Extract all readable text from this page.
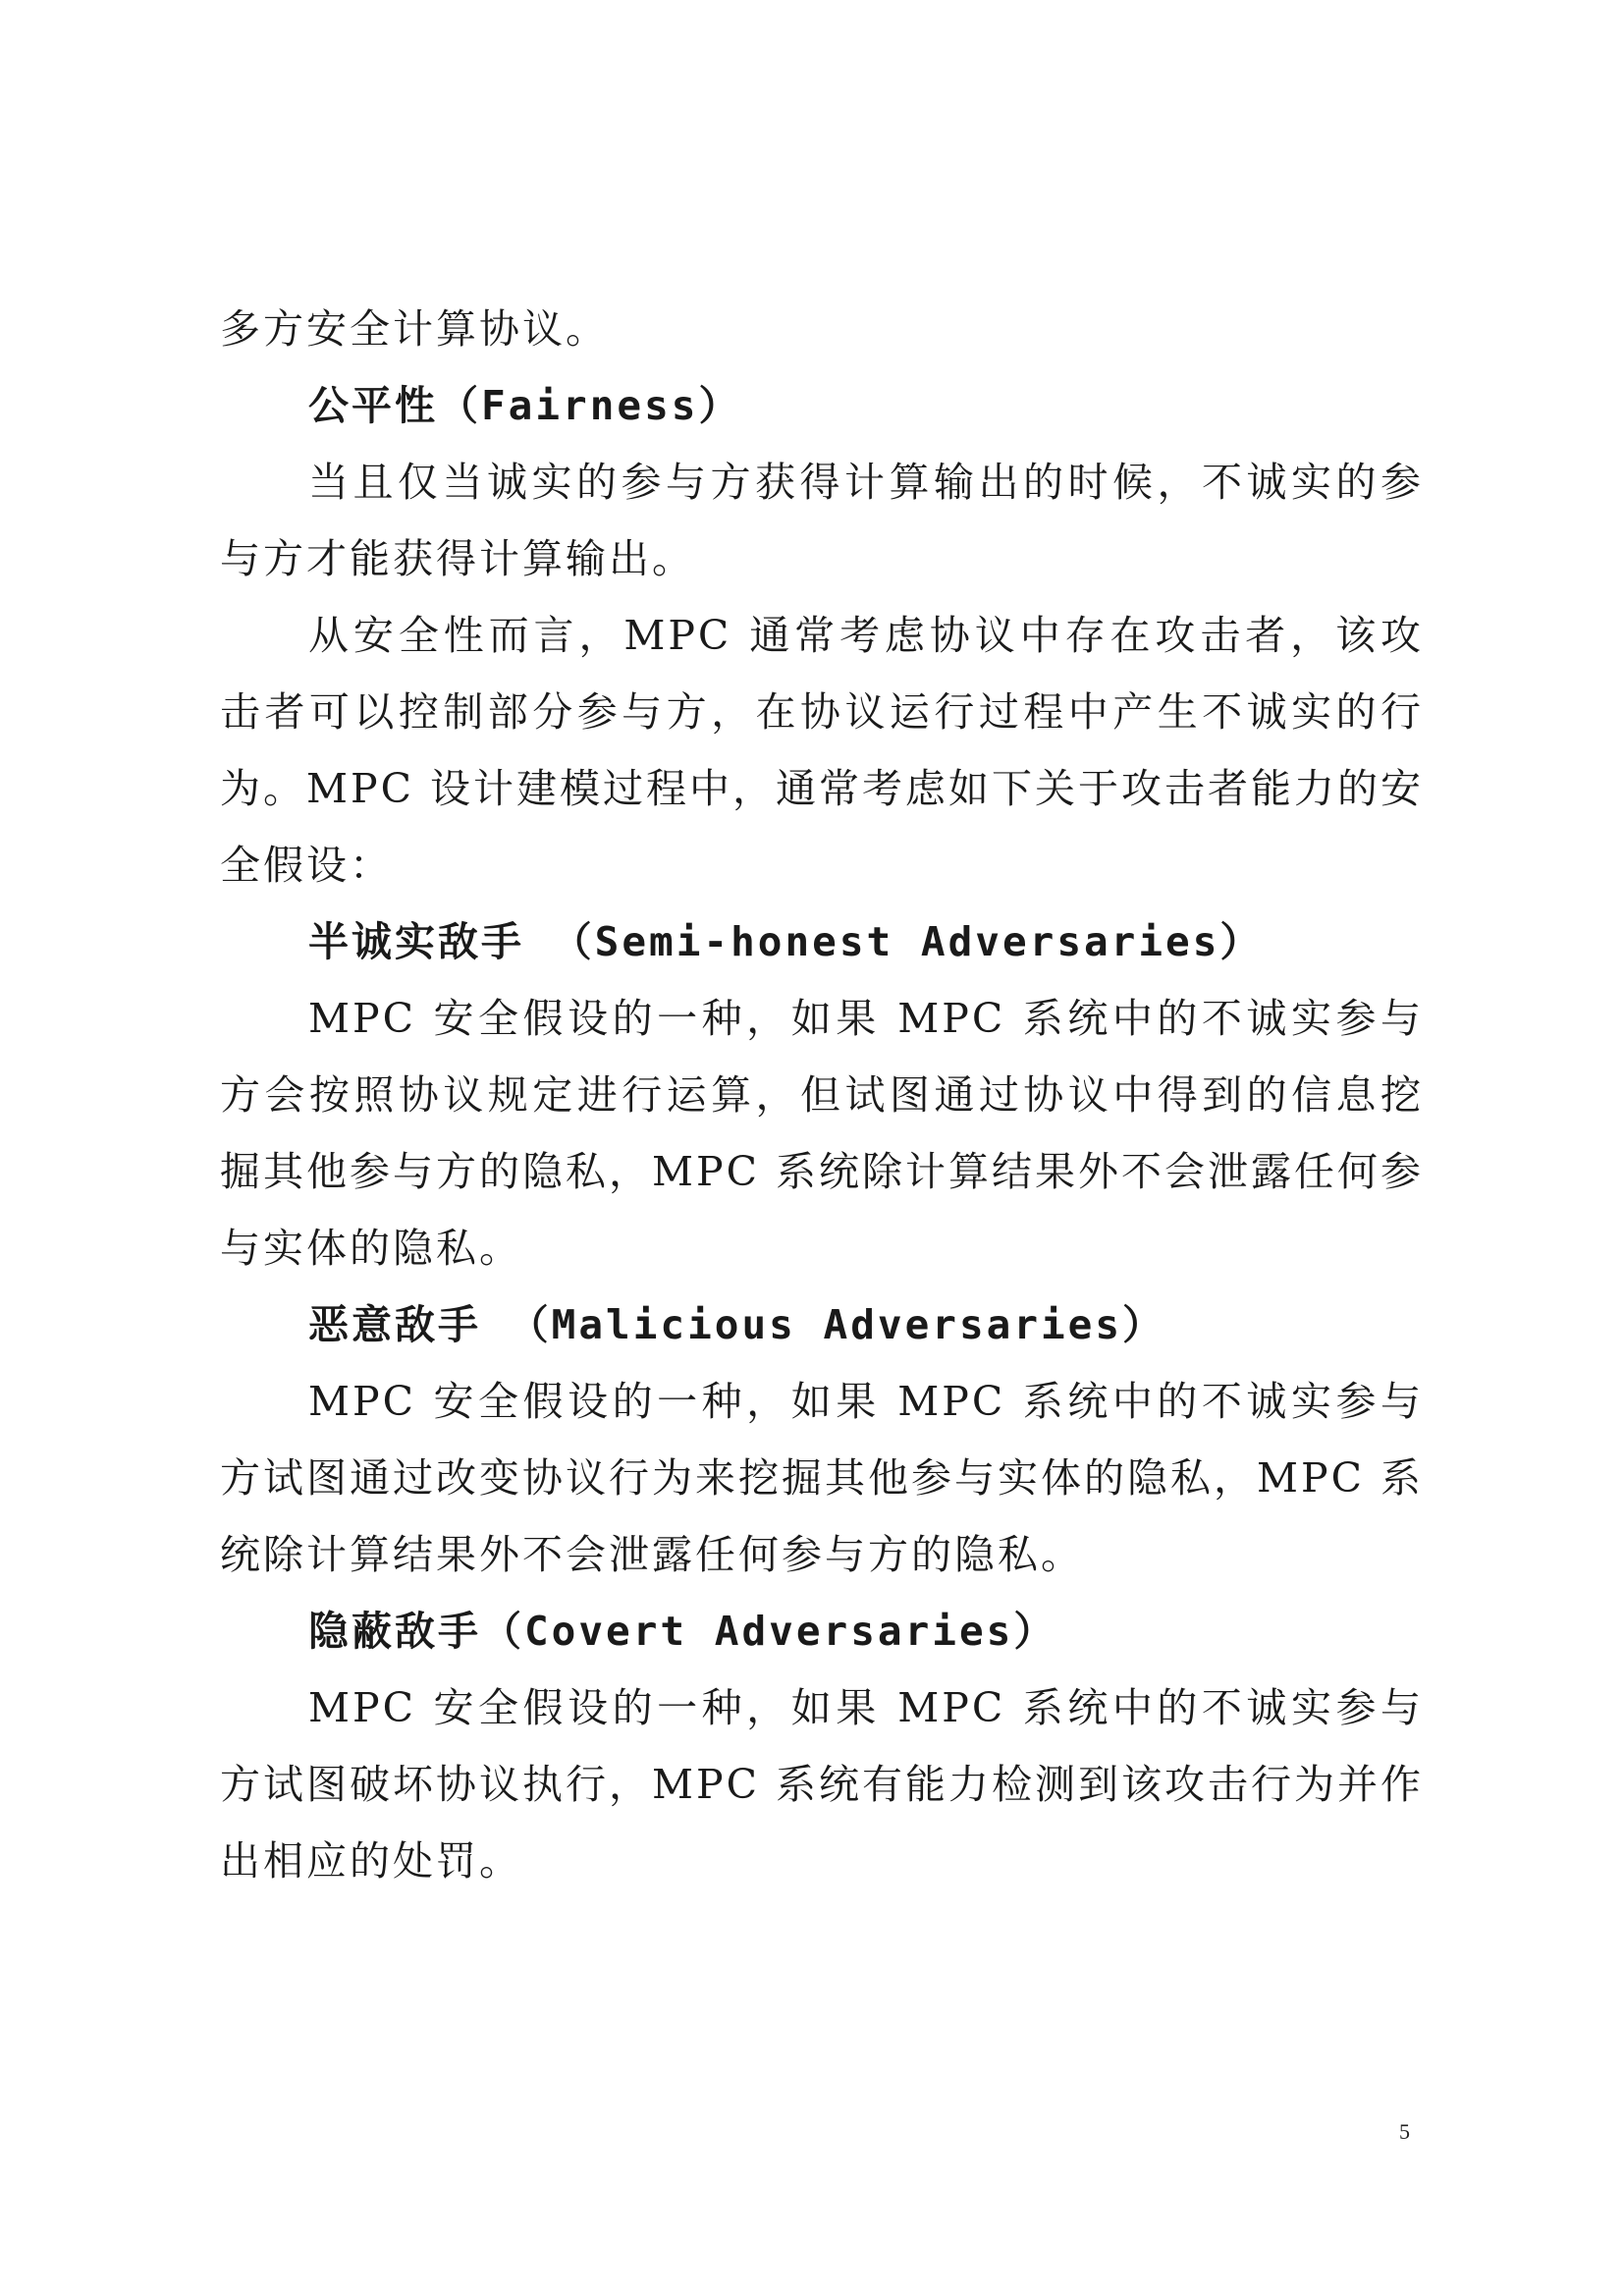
多方安全计算协议。

公平性（Fairness）

当且仅当诚实的参与方获得计算输出的时候，不诚实的参与方才能获得计算输出。

从安全性而言，MPC 通常考虑协议中存在攻击者，该攻击者可以控制部分参与方，在协议运行过程中产生不诚实的行为。MPC 设计建模过程中，通常考虑如下关于攻击者能力的安全假设：

半诚实敌手 （Semi-honest Adversaries）

MPC 安全假设的一种，如果 MPC 系统中的不诚实参与方会按照协议规定进行运算，但试图通过协议中得到的信息挖掘其他参与方的隐私，MPC 系统除计算结果外不会泄露任何参与实体的隐私。

恶意敌手 （Malicious Adversaries）

MPC 安全假设的一种，如果 MPC 系统中的不诚实参与方试图通过改变协议行为来挖掘其他参与实体的隐私，MPC 系统除计算结果外不会泄露任何参与方的隐私。

隐蔽敌手（Covert Adversaries）

MPC 安全假设的一种，如果 MPC 系统中的不诚实参与方试图破坏协议执行，MPC 系统有能力检测到该攻击行为并作出相应的处罚。

5
